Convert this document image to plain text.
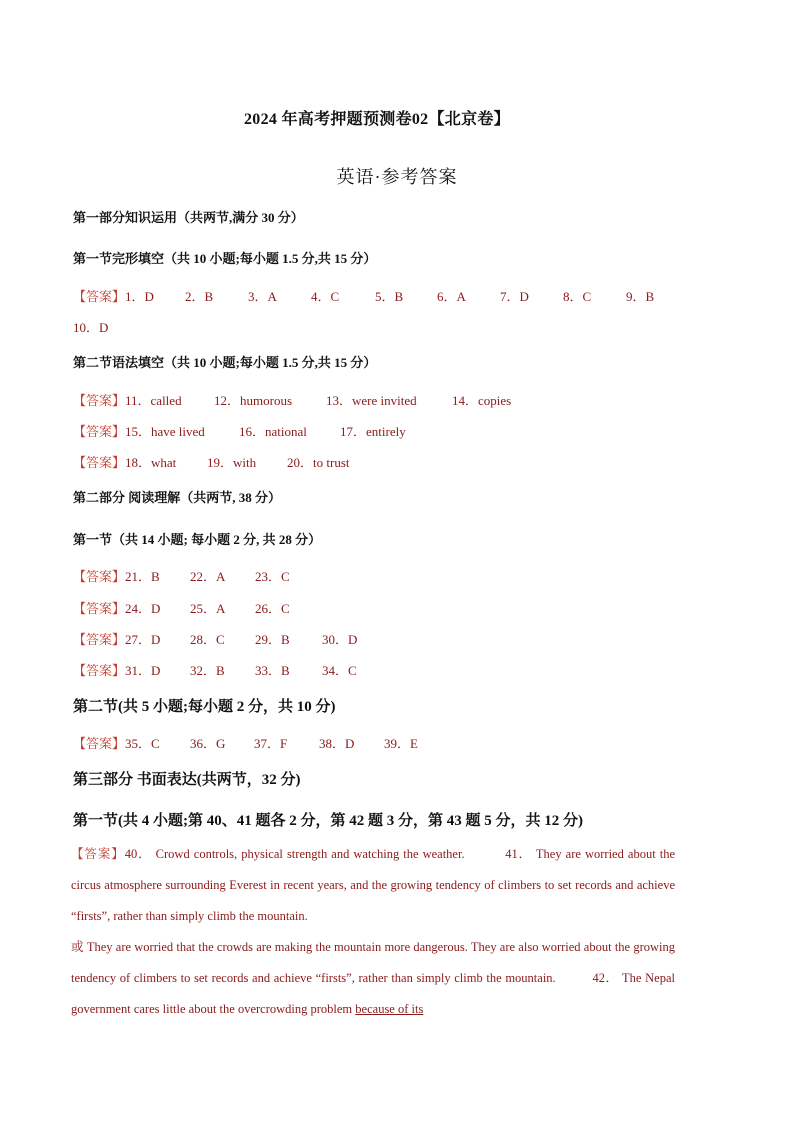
2024 年高考押题预测卷02【北京卷】
英语·参考答案
第一部分知识运用（共两节,满分 30 分）
第一节完形填空（共 10 小题;每小题 1.5 分,共 15 分）
【答案】1．D 2．B	3．A	4．C	5．B	6．A	7．D	8．C	9．B
10．D
第二节语法填空（共 10 小题;每小题 1.5 分,共 15 分）
【答案】11．called 12．humorous	13．were invited	14．copies
【答案】15．have lived	16．national	17．entirely
【答案】18．what 19．with 20．to trust
第二部分 阅读理解（共两节, 38 分）
第一节（共 14 小题; 每小题 2 分, 共 28 分）
【答案】21．B 22．A 23．C
【答案】24．D 25．A 26．C
【答案】27．D 28．C 29．B 30．D
【答案】31．D 32．B 33．B 34．C
第二节(共 5 小题;每小题 2 分，共 10 分)
【答案】35．C 36．G 37．F 38．D 39．E
第三部分 书面表达(共两节，32 分)
第一节(共 4 小题;第 40、41 题各 2 分，第 42 题 3 分，第 43 题 5 分，共 12 分)
【答案】40． Crowd controls, physical strength and watching the weather.	41． They are worried about the circus atmosphere surrounding Everest in recent years, and the growing tendency of climbers to set records and achieve “firsts”, rather than simply climb the mountain.
或 They are worried that the crowds are making the mountain more dangerous. They are also worried about the growing tendency of climbers to set records and achieve “firsts”, rather than simply climb the mountain.	42． The Nepal government cares little about the overcrowding problem because of its
